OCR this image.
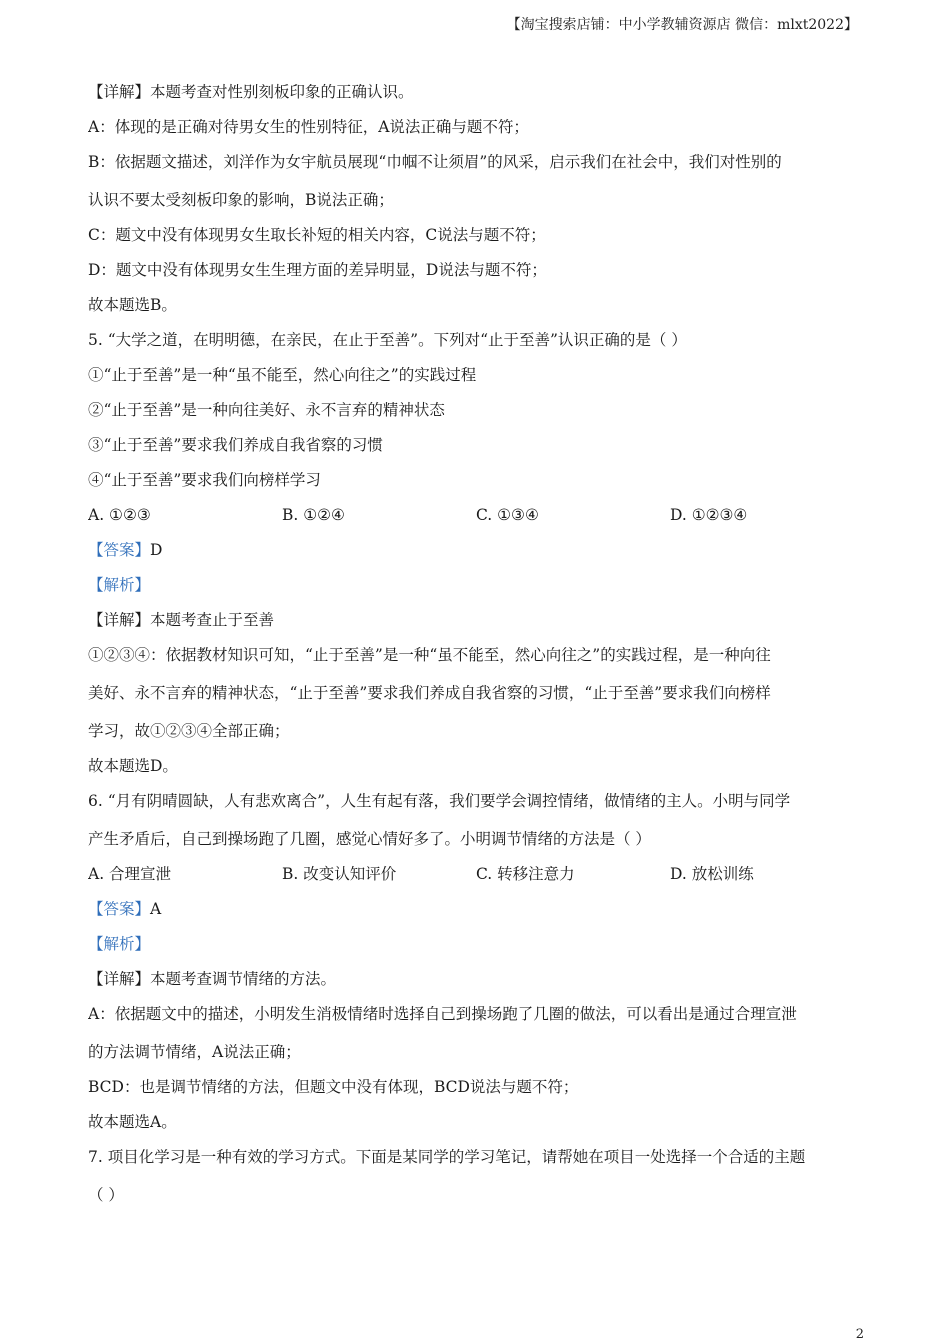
【淘宝搜索店铺：中小学教辅资源店 微信：mlxt2022】
【详解】本题考查对性别刻板印象的正确认识。
A：体现的是正确对待男女生的性别特征，A说法正确与题不符；
B：依据题文描述，刘洋作为女宇航员展现“巾帼不让须眉”的风采，启示我们在社会中，我们对性别的
认识不要太受刻板印象的影响，B说法正确；
C：题文中没有体现男女生取长补短的相关内容，C说法与题不符；
D：题文中没有体现男女生生理方面的差异明显，D说法与题不符；
故本题选B。
5. “大学之道，在明明德，在亲民，在止于至善”。下列对“止于至善”认识正确的是（ ）
①“止于至善”是一种“虽不能至，然心向往之”的实践过程
②“止于至善”是一种向往美好、永不言弃的精神状态
③“止于至善”要求我们养成自我省察的习惯
④“止于至善”要求我们向榜样学习
A. ①②③	B. ①②④	C. ①③④	D. ①②③④
【答案】D
【解析】
【详解】本题考查止于至善
①②③④：依据教材知识可知，“止于至善”是一种“虽不能至，然心向往之”的实践过程，是一种向往
美好、永不言弃的精神状态，“止于至善”要求我们养成自我省察的习惯，“止于至善”要求我们向榜样
学习，故①②③④全部正确；
故本题选D。
6. “月有阴晴圆缺，人有悲欢离合”，人生有起有落，我们要学会调控情绪，做情绪的主人。小明与同学
产生矛盾后，自己到操场跑了几圈，感觉心情好多了。小明调节情绪的方法是（ ）
A. 合理宣泄	B. 改变认知评价	C. 转移注意力	D. 放松训练
【答案】A
【解析】
【详解】本题考查调节情绪的方法。
A：依据题文中的描述，小明发生消极情绪时选择自己到操场跑了几圈的做法，可以看出是通过合理宣泄
的方法调节情绪，A说法正确；
BCD：也是调节情绪的方法，但题文中没有体现，BCD说法与题不符；
故本题选A。
7. 项目化学习是一种有效的学习方式。下面是某同学的学习笔记，请帮她在项目一处选择一个合适的主题
（ ）
2
